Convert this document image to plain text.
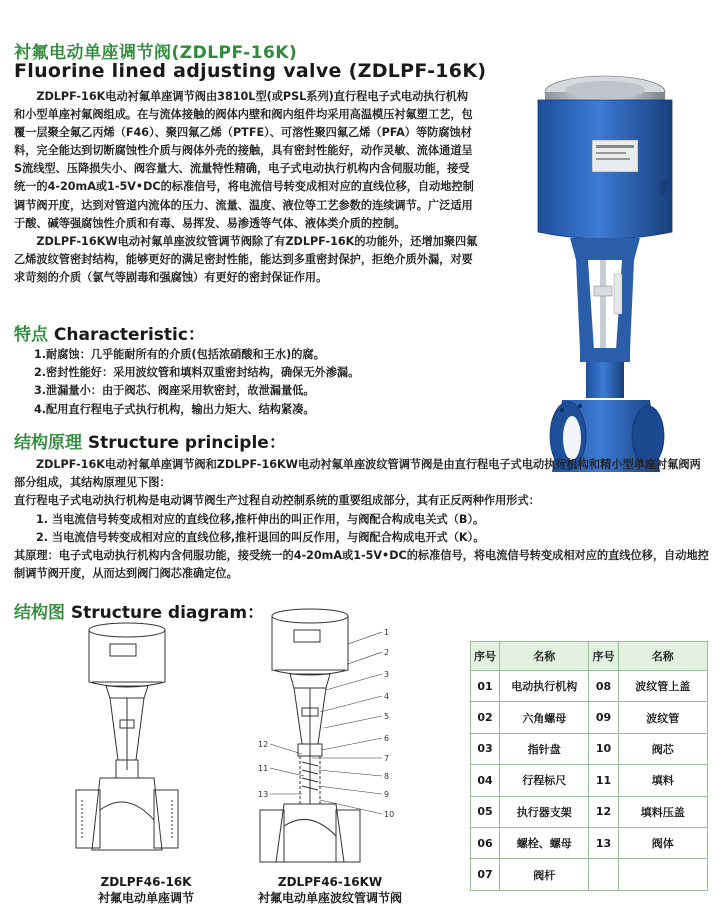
衬氟电动单座调节阀(ZDLPF-16K)
Fluorine lined adjusting valve (ZDLPF-16K)

ZDLPF-16K电动衬氟单座调节阀由3810L型(或PSL系列)直行程电子式电动执行机构和小型单座衬氟阀组成。在与流体接触的阀体内壁和阀内组件均采用高温模压衬氟塑工艺，包覆一层聚全氟乙丙烯（F46）、聚四氟乙烯（PTFE）、可溶性聚四氟乙烯（PFA）等防腐蚀材料，完全能达到切断腐蚀性介质与阀体外壳的接触，具有密封性能好，动作灵敏、流体通道呈S流线型、压降损失小、阀容量大、流量特性精确，电子式电动执行机构内含伺服功能，接受统一的4-20mA或1-5V•DC的标准信号，将电流信号转变成相对应的直线位移，自动地控制调节阀开度，达到对管道内流体的压力、流量、温度、液位等工艺参数的连续调节。广泛适用于酸、碱等强腐蚀性介质和有毒、易挥发、易渗透等气体、液体类介质的控制。

ZDLPF-16KW电动衬氟单座波纹管调节阀除了有ZDLPF-16K的功能外，还增加聚四氟乙烯波纹管密封结构，能够更好的满足密封性能，能达到多重密封保护，拒绝介质外漏，对要求苛刻的介质（氯气等剧毒和强腐蚀）有更好的密封保证作用。

特点 Characteristic：
1.耐腐蚀：几乎能耐所有的介质(包括浓硝酸和王水)的腐。
2.密封性能好：采用波纹管和填料双重密封结构，确保无外渗漏。
3.泄漏量小：由于阀芯、阀座采用软密封，故泄漏量低。
4.配用直行程电子式执行机构，输出力矩大、结构紧凑。
结构原理 Structure principle：
ZDLPF-16K电动衬氟单座调节阀和ZDLPF-16KW电动衬氟单座波纹管调节阀是由直行程电子式电动执行机构和精小型单座衬氟阀两部分组成，其结构原理见下图：
直行程电子式电动执行机构是电动调节阀生产过程自动控制系统的重要组成部分，其有正反两种作用形式：
1. 当电流信号转变成相对应的直线位移,推杆伸出的叫正作用，与阀配合构成电关式（B）。
2. 当电流信号转变成相对应的直线位移,推杆退回的叫反作用，与阀配合构成电开式（K）。
其原理：电子式电动执行机构内含伺服功能，接受统一的4-20mA或1-5V•DC的标准信号，将电流信号转变成相对应的直线位移，自动地控制调节阀开度，从而达到阀门阀芯准确定位。
结构图 Structure diagram：
ZDLPF46-16K
衬氟电动单座调节
1
2
3
4
5
6
7
8
9
10
12
11
13
ZDLPF46-16KW
衬氟电动单座波纹管调节阀
序号	名称	序号	名称
01	电动执行机构	08	波纹管上盖
02	六角螺母	09	波纹管
03	指针盘	10	阀芯
04	行程标尺	11	填料
05	执行器支架	12	填料压盖
06	螺栓、螺母	13	阀体
07	阀杆		
